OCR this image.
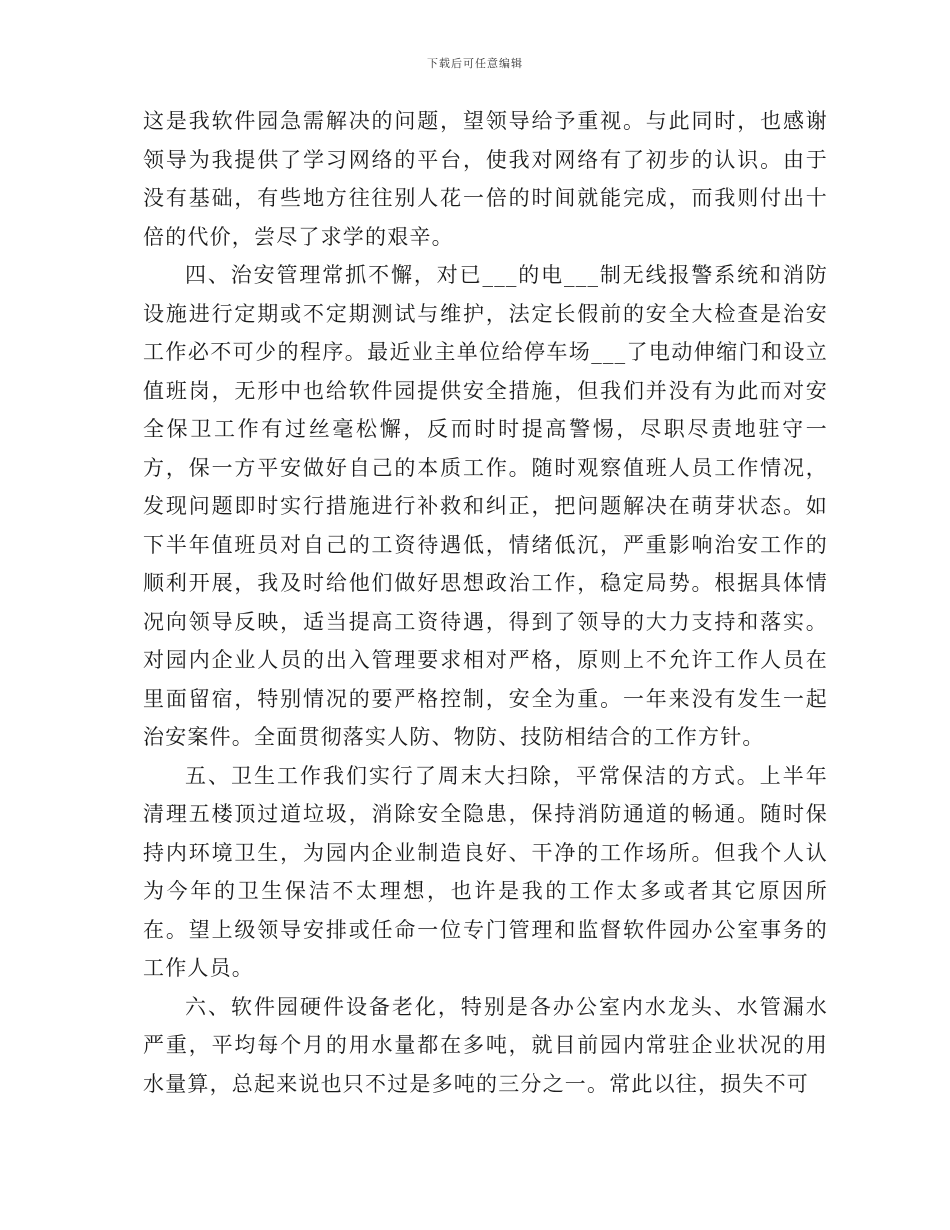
下载后可任意编辑

这是我软件园急需解决的问题，望领导给予重视。与此同时，也感谢领导为我提供了学习网络的平台，使我对网络有了初步的认识。由于没有基础，有些地方往往别人花一倍的时间就能完成，而我则付出十倍的代价，尝尽了求学的艰辛。

四、治安管理常抓不懈，对已___的电___制无线报警系统和消防设施进行定期或不定期测试与维护，法定长假前的安全大检查是治安工作必不可少的程序。最近业主单位给停车场___了电动伸缩门和设立值班岗，无形中也给软件园提供安全措施，但我们并没有为此而对安全保卫工作有过丝毫松懈，反而时时提高警惕，尽职尽责地驻守一方，保一方平安做好自己的本质工作。随时观察值班人员工作情况，发现问题即时实行措施进行补救和纠正，把问题解决在萌芽状态。如下半年值班员对自己的工资待遇低，情绪低沉，严重影响治安工作的顺利开展，我及时给他们做好思想政治工作，稳定局势。根据具体情况向领导反映，适当提高工资待遇，得到了领导的大力支持和落实。对园内企业人员的出入管理要求相对严格，原则上不允许工作人员在里面留宿，特别情况的要严格控制，安全为重。一年来没有发生一起治安案件。全面贯彻落实人防、物防、技防相结合的工作方针。

五、卫生工作我们实行了周末大扫除，平常保洁的方式。上半年清理五楼顶过道垃圾，消除安全隐患，保持消防通道的畅通。随时保持内环境卫生，为园内企业制造良好、干净的工作场所。但我个人认为今年的卫生保洁不太理想，也许是我的工作太多或者其它原因所在。望上级领导安排或任命一位专门管理和监督软件园办公室事务的工作人员。

六、软件园硬件设备老化，特别是各办公室内水龙头、水管漏水严重，平均每个月的用水量都在多吨，就目前园内常驻企业状况的用水量算，总起来说也只不过是多吨的三分之一。常此以往，损失不可
